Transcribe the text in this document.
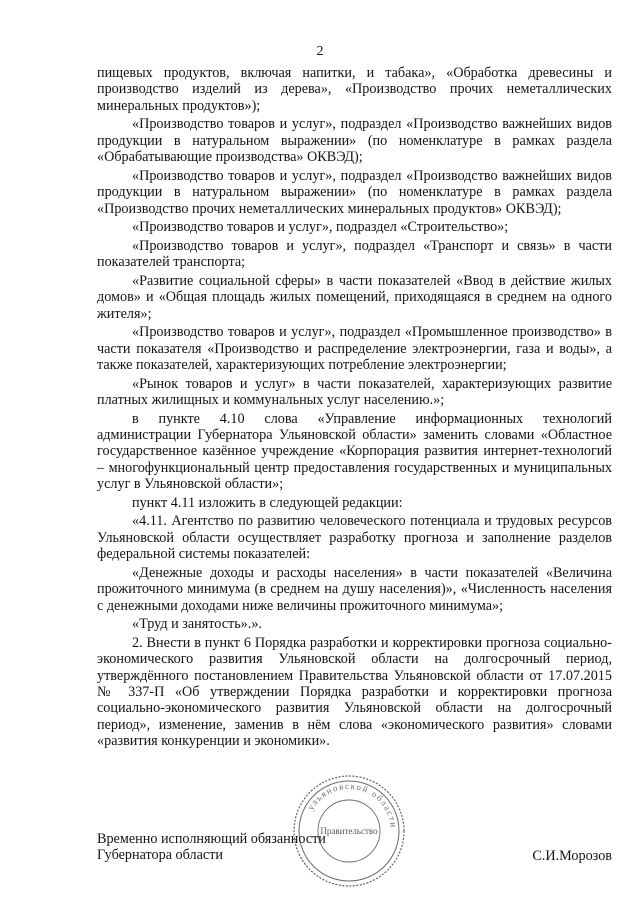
2

пищевых продуктов, включая напитки, и табака», «Обработка древесины и производство изделий из дерева», «Производство прочих неметаллических минеральных продуктов»);

«Производство товаров и услуг», подраздел «Производство важнейших видов продукции в натуральном выражении» (по номенклатуре в рамках раздела «Обрабатывающие производства» ОКВЭД);

«Производство товаров и услуг», подраздел «Производство важнейших видов продукции в натуральном выражении» (по номенклатуре в рамках раздела «Производство прочих неметаллических минеральных продуктов» ОКВЭД);

«Производство товаров и услуг», подраздел «Строительство»;

«Производство товаров и услуг», подраздел «Транспорт и связь» в части показателей транспорта;

«Развитие социальной сферы» в части показателей «Ввод в действие жилых домов» и «Общая площадь жилых помещений, приходящаяся в среднем на одного жителя»;

«Производство товаров и услуг», подраздел «Промышленное производство» в части показателя «Производство и распределение электроэнергии, газа и воды», а также показателей, характеризующих потребление электроэнергии;

«Рынок товаров и услуг» в части показателей, характеризующих развитие платных жилищных и коммунальных услуг населению.»;

в пункте 4.10 слова «Управление информационных технологий администрации Губернатора Ульяновской области» заменить словами «Областное государственное казённое учреждение «Корпорация развития интернет-технологий – многофункциональный центр предоставления государственных и муниципальных услуг в Ульяновской области»;

пункт 4.11 изложить в следующей редакции:

«4.11. Агентство по развитию человеческого потенциала и трудовых ресурсов Ульяновской области осуществляет разработку прогноза и заполнение разделов федеральной системы показателей:

«Денежные доходы и расходы населения» в части показателей «Величина прожиточного минимума (в среднем на душу населения)», «Численность населения с денежными доходами ниже величины прожиточного минимума»;

«Труд и занятость».».

2. Внести в пункт 6 Порядка разработки и корректировки прогноза социально-экономического развития Ульяновской области на долгосрочный период, утверждённого постановлением Правительства Ульяновской области от 17.07.2015 № 337-П «Об утверждении Порядка разработки и корректировки прогноза социально-экономического развития Ульяновской области на долгосрочный период», изменение, заменив в нём слова «экономического развития» словами «развития конкуренции и экономики».

ульяновской области
Правительство
Временно исполняющий обязанности
Губернатора области	С.И.Морозов
